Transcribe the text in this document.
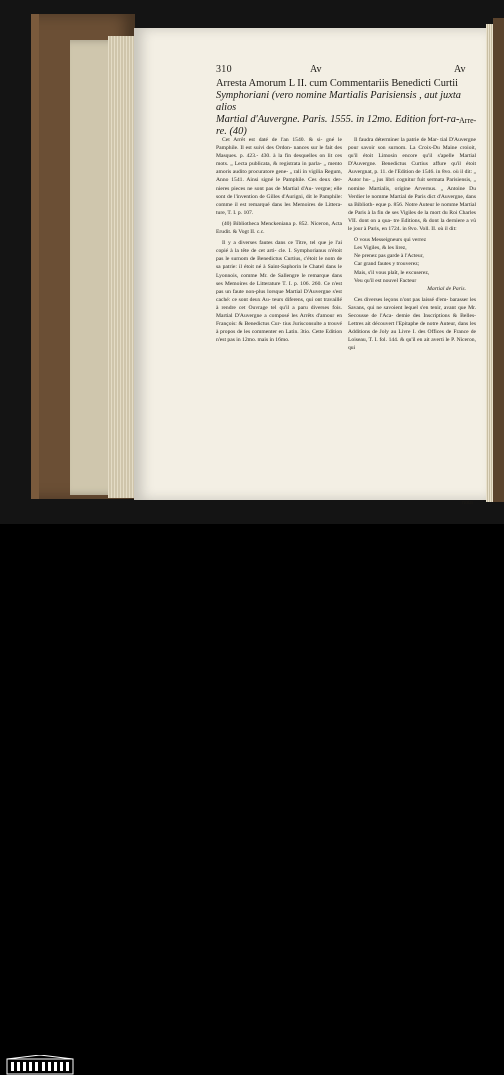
310	Av	Av

Arresta Amorum L II. cum Commentariis Benedicti Curtii

Symphoriani (vero nomine Martialis Parisiensis , aut juxta alios

Martial d'Auvergne. Paris. 1555. in 12mo. Edition fort-ra-

re. (40)

Arre-

Cet Arrêt est daté de l'an 1540. & si- gné le Pamphile. Il est suivi des Ordon- nances sur le fait des Masques. p. 423.- 430. à la fin desquelles on lit ces mots. „ Lecta publicata, & registrata in parla- „ mento amoris audito procuratore gene- „ rali in vigilia Regum, Anno 1541. Ainsi signé le Pamphile. Ces deux der- nieres pieces ne sont pas de Martial d'Au- vergne; elle sont de l'invention de Gilles d'Aurigni, dit le Pamphile: comme il est remarqué dans les Memoires de Littera- ture, T. I. p. 107.

(40) Bibliotheca Menckeniana p. 852. Niceron, Acta Erudit. & Vogt II. c.c.

Il y a diverses fautes dans ce Titre, tel que je l'ai copié à la tête de cet arti- cle. I. Symphorianus n'étoit pas le surnom de Benedictus Curtius, c'étoit le nom de sa patrie: il étoit né à Saint-Saphorin le Chatel dans le Lyonnois, comme Mr. de Sallengre le remarque dans ses Memoires de Litterature T. I. p. 106. 260. Ce n'est pas un faute non-plus lorsque Martial D'Auvergne s'est caché: ce sont deux Au- teurs diferens, qui ont travaillé à rendre cet Ouvrage tel qu'il a paru diverses fois. Martial D'Auvergne a composé les Arrêts d'amour en François: & Benedictus Cur- tius Jurisconsulte a trouvé à propos de les commenter en Latin. 3tio. Cette Edition n'est pas in 12mo. mais in 16mo.

Il faudra déterminer la patrie de Mar- tial D'Auvergne pour savoir son surnom. La Croix-Du Maine croioit, qu'il étoit Limosin encore qu'il s'apelle Martial D'Auvergne. Benedictus Curtius affure qu'il étoit Auvergnat, p. 11. de l'Edition de 1546. in 8vo. où il dit: „ Autor hu- „ jus libri cognitur fuit sermata Parisiensis, „ nomine Martialis, origine Arvernus. „ Antoine Du Verdier le nomme Martial de Paris dict d'Auvergne, dans sa Biblioth- eque p. 856. Notre Auteur le nomme Martial de Paris à la fin de ses Vigiles de la mort du Roi Charles VII. dont on a qua- tre Editions, & dont la derniere a vû le jour à Paris, en 1724. in 8vo. Voll. II. où il dit:

O vous Messeigneurs qui verrez

Les Vigiles, & les lirez,

Ne prenez pas garde à l'Acteur,

Car grand fautes y trouverez;

Mais, s'il vous plaît, le excuserez,

Veu qu'il est nouvel Facteur

Martial de Paris.

Ces diverses leçons n'ont pas laissé d'em- barasser les Savans, qui ne savoient lequel s'en tenir, avant que Mr. Secousse de l'Aca- demie des Inscriptions & Belles-Lettres ait découvert l'Epitaphe de notre Auteur, dans les Additions de Joly au Livre I. des Offices de France de Loiseau, T. I. fol. 144. & qu'il en ait averti le P. Niceron, qui

nous
